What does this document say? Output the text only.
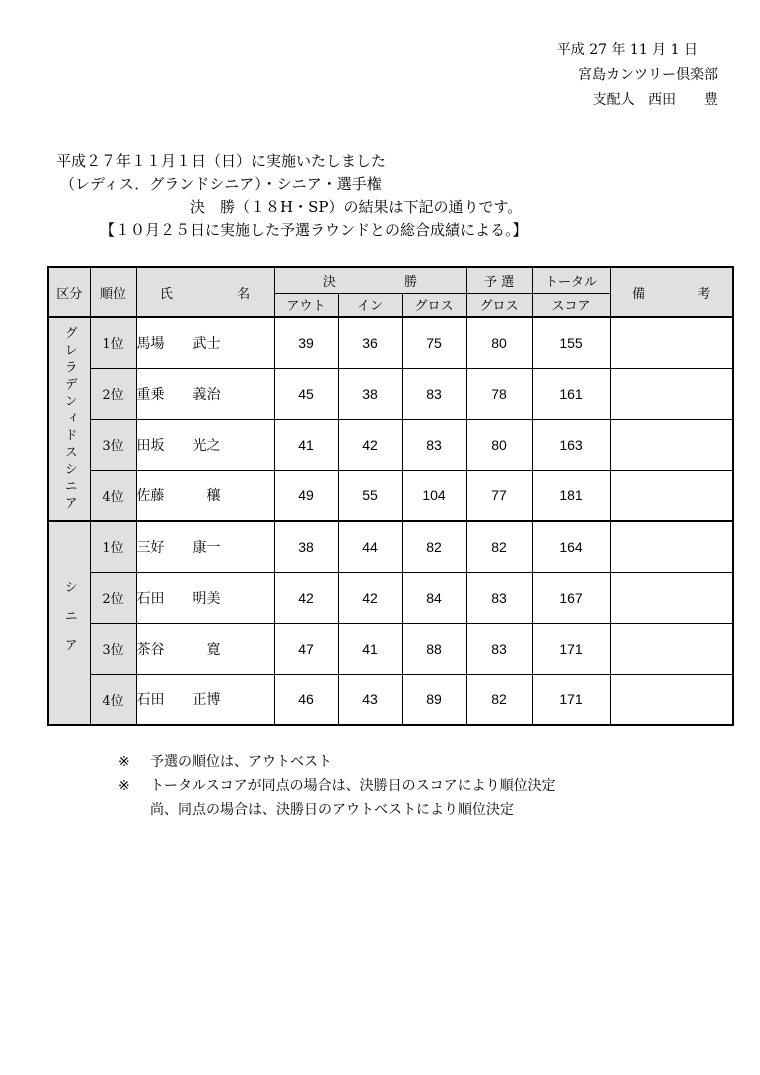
平成 27 年 11 月 1 日
宮島カンツリー倶楽部
支配人 西田　　豊
平成２７年１１月１日（日）に実施いたしました
（レディス．グランドシニア）・シニア・選手権
決　勝（１８H・SP）の結果は下記の通りです。
【１０月２５日に実施した予選ラウンドとの総合成績による。】
区分	順位	氏 名	決 勝			予 選	トータル	備 考
			アウト	イン	グロス	グロス	スコア	

グレラデンィドスシニア	1位	馬場 武士	39	36	75	80	155	
	2位	重乗 義治	45	38	83	78	161	
	3位	田坂 光之	41	42	83	80	163	
	4位	佐藤 穰	49	55	104	77	181	

シニア	1位	三好 康一	38	44	82	82	164	
	2位	石田 明美	42	42	84	83	167	
	3位	茶谷 寛	47	41	88	83	171	
	4位	石田 正博	46	43	89	82	171	
※ 予選の順位は、アウトベスト
※ トータルスコアが同点の場合は、決勝日のスコアにより順位決定
尚、同点の場合は、決勝日のアウトベストにより順位決定
